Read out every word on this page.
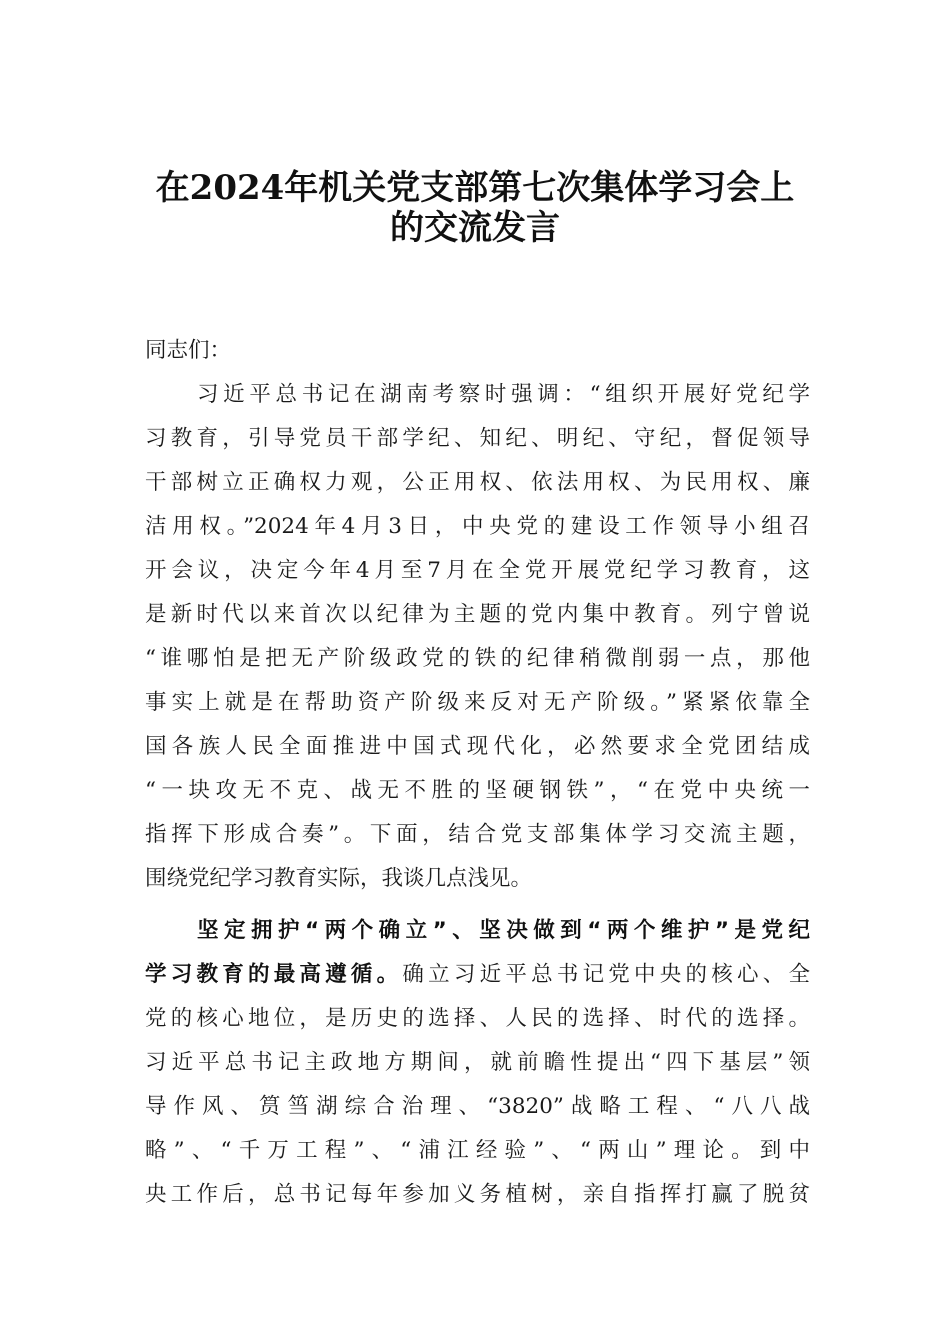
在2024年机关党支部第七次集体学习会上
的交流发言
同志们：
习近平总书记在湖南考察时强调：“组织开展好党纪学
习教育，引导党员干部学纪、知纪、明纪、守纪，督促领导
干部树立正确权力观，公正用权、依法用权、为民用权、廉
洁用权。”2024年4月3日，中央党的建设工作领导小组召
开会议，决定今年4月至7月在全党开展党纪学习教育，这
是新时代以来首次以纪律为主题的党内集中教育。列宁曾说
“谁哪怕是把无产阶级政党的铁的纪律稍微削弱一点，那他
事实上就是在帮助资产阶级来反对无产阶级。”紧紧依靠全
国各族人民全面推进中国式现代化，必然要求全党团结成
“一块攻无不克、战无不胜的坚硬钢铁”，“在党中央统一
指挥下形成合奏”。下面，结合党支部集体学习交流主题，
围绕党纪学习教育实际，我谈几点浅见。
坚定拥护“两个确立”、坚决做到“两个维护”是党纪
学习教育的最高遵循。确立习近平总书记党中央的核心、全
党的核心地位，是历史的选择、人民的选择、时代的选择。
习近平总书记主政地方期间，就前瞻性提出“四下基层”领
导作风、筼筜湖综合治理、“3820”战略工程、“八八战
略”、“千万工程”、“浦江经验”、“两山”理论。到中
央工作后，总书记每年参加义务植树，亲自指挥打赢了脱贫
